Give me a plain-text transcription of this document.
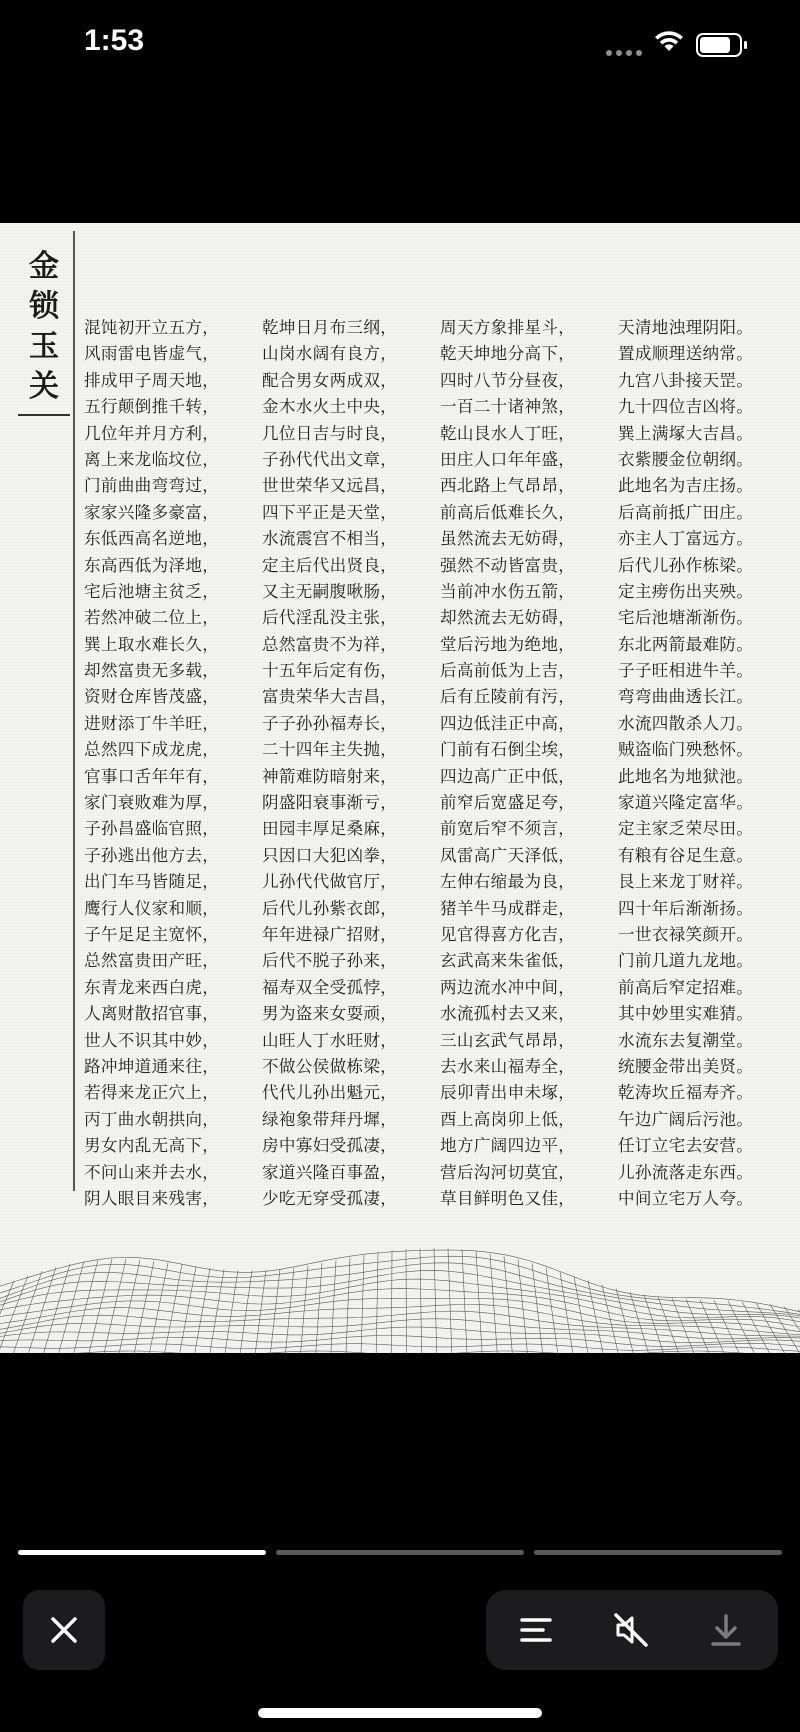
1:53
金
锁
玉
关
混饨初开立五方，	乾坤日月布三纲，	周天方象排星斗，	天清地浊理阴阳。
风雨雷电皆虚气，	山岗水阔有良方，	乾天坤地分高下，	置成顺理送纳常。
排成甲子周天地，	配合男女两成双，	四时八节分昼夜，	九宫八卦接天罡。
五行颠倒推千转，	金木水火土中央，	一百二十诸神煞，	九十四位吉凶将。
几位年并月方利，	几位日吉与时良，	乾山艮水人丁旺，	巽上满塚大吉昌。
离上来龙临坟位，	子孙代代出文章，	田庄人口年年盛，	衣紫腰金位朝纲。
门前曲曲弯弯过，	世世荣华又远昌，	西北路上气昂昂，	此地名为吉庄扬。
家家兴隆多豪富，	四下平正是天堂，	前高后低难长久，	后高前抵广田庄。
东低西高名逆地，	水流震宫不相当，	虽然流去无妨碍，	亦主人丁富远方。
东高西低为泽地，	定主后代出贤良，	强然不动皆富贵，	后代儿孙作栋梁。
宅后池塘主贫乏，	又主无嗣腹啾肠，	当前冲水伤五箭，	定主痨伤出夹殃。
若然冲破二位上，	后代淫乱没主张，	却然流去无妨碍，	宅后池塘渐渐伤。
巽上取水难长久，	总然富贵不为祥，	堂后污地为绝地，	东北两箭最难防。
却然富贵无多载，	十五年后定有伤，	后高前低为上吉，	子子旺相进牛羊。
资财仓库皆茂盛，	富贵荣华大吉昌，	后有丘陵前有污，	弯弯曲曲透长江。
进财添丁牛羊旺，	子子孙孙福寿长，	四边低洼正中高，	水流四散杀人刀。
总然四下成龙虎，	二十四年主失抛，	门前有石倒尘埃，	贼盗临门殃愁怀。
官事口舌年年有，	神箭难防暗射来，	四边高广正中低，	此地名为地狱池。
家门衰败难为厚，	阴盛阳衰事渐亏，	前窄后宽盛足夸，	家道兴隆定富华。
子孙昌盛临官照，	田园丰厚足桑麻，	前宽后窄不须言，	定主家乏荣尽田。
子孙逃出他方去，	只因口大犯凶拳，	凤雷高广天泽低，	有粮有谷足生意。
出门车马皆随足，	儿孙代代做官厅，	左伸右缩最为良，	艮上来龙丁财祥。
鹰行人仪家和顺，	后代儿孙紫衣郎，	猪羊牛马成群走，	四十年后渐渐扬。
子午足足主宽怀，	年年进禄广招财，	见官得喜方化吉，	一世衣禄笑颜开。
总然富贵田产旺，	后代不脱子孙来，	玄武高来朱雀低，	门前几道九龙地。
东青龙来西白虎，	福寿双全受孤悖，	两边流水冲中间，	前高后窄定招难。
人离财散招官事，	男为盗来女耍顽，	水流孤村去又来，	其中妙里实难猜。
世人不识其中妙，	山旺人丁水旺财，	三山玄武气昂昂，	水流东去复潮堂。
路冲坤道通来往，	不做公侯做栋梁，	去水来山福寿全，	统腰金带出美贤。
若得来龙正穴上，	代代儿孙出魁元，	辰卯青出申未塚，	乾涛坎丘福寿齐。
丙丁曲水朝拱向，	绿袍象带拜丹墀，	酉上高岗卯上低，	午边广阔后污池。
男女内乱无高下，	房中寡妇受孤凄，	地方广阔四边平，	任订立宅去安营。
不问山来并去水，	家道兴隆百事盈，	营后沟河切莫宜，	儿孙流落走东西。
阴人眼目来残害，	少吃无穿受孤凄，	草目鲜明色又佳，	中间立宅万人夸。
